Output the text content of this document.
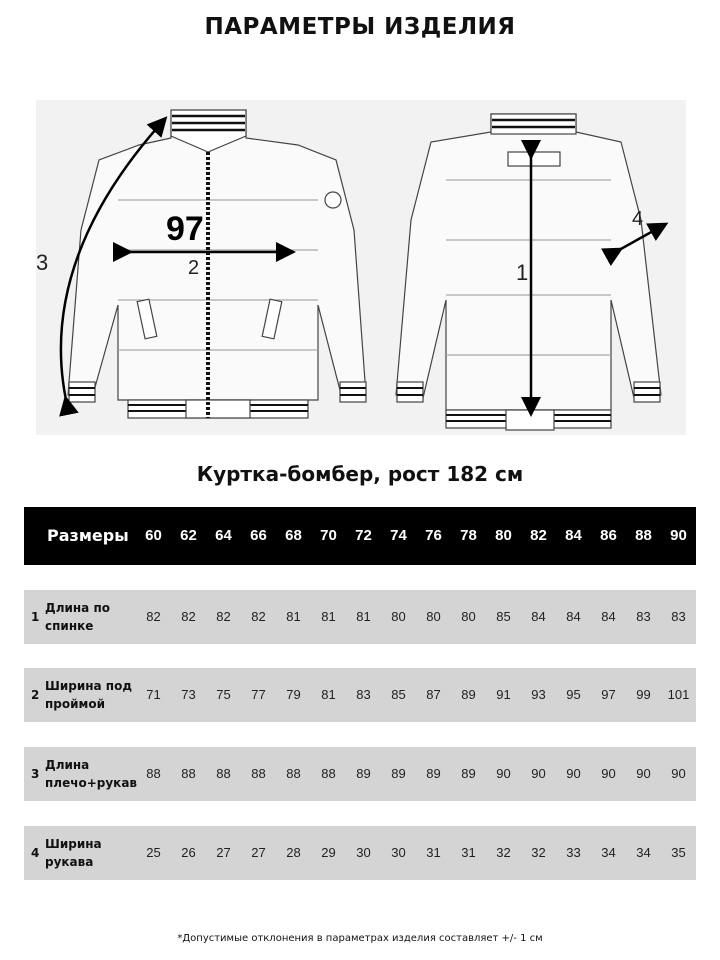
ПАРАМЕТРЫ ИЗДЕЛИЯ
97
2
3	1
4
Куртка-бомбер, рост 182 см
Размеры	60	62	64	66	68	70	72	74	76	78	80	82	84	86	88	90
1
Длина по
спинке
82	82	82	82	81	81	81	80	80	80	85	84	84	84	83	83
2
Ширина под
проймой
71	73	75	77	79	81	83	85	87	89	91	93	95	97	99	101
3
Длина
плечо+рукав
88	88	88	88	88	88	89	89	89	89	90	90	90	90	90	90
4
Ширина
рукава
25	26	27	27	28	29	30	30	31	31	32	32	33	34	34	35
*Допустимые отклонения в параметрах изделия составляет +/- 1 см
